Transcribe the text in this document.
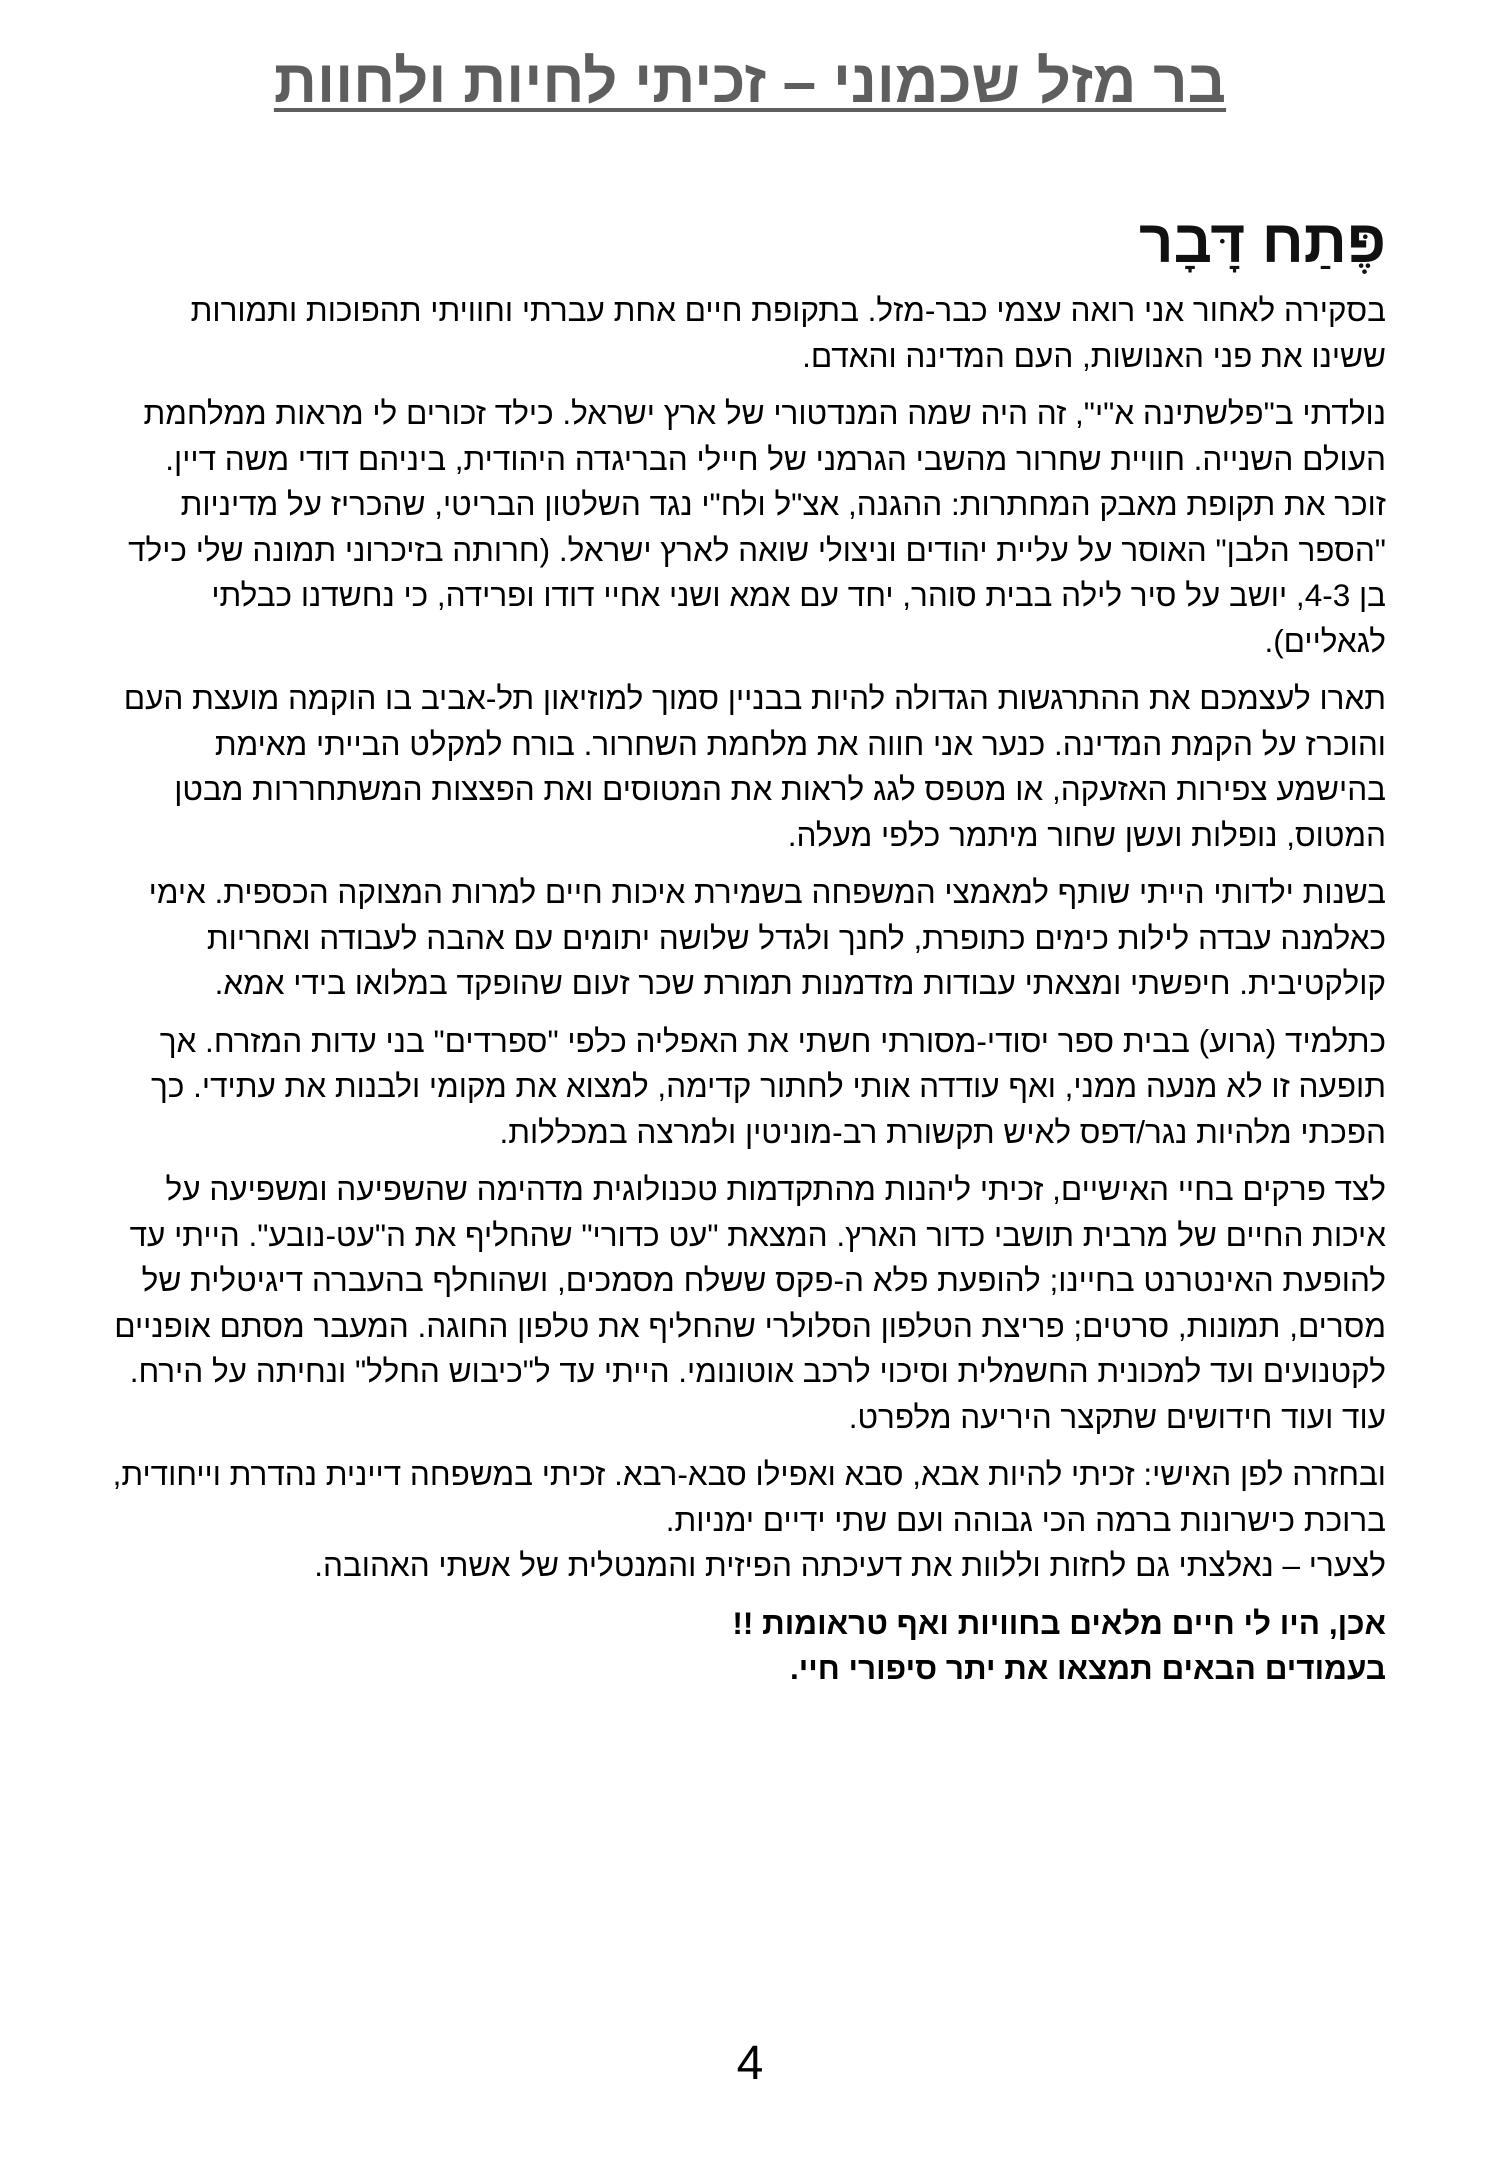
בר מזל שכמוני – זכיתי לחיות ולחוות
פֶּתַח דָּבָר

בסקירה לאחור אני רואה עצמי כבר-מזל. בתקופת חיים אחת עברתי וחוויתי תהפוכות ותמורות ששינו את פני האנושות, העם המדינה והאדם.

נולדתי ב"פלשתינה א"י", זה היה שמה המנדטורי של ארץ ישראל. כילד זכורים לי מראות ממלחמת העולם השנייה. חוויית שחרור מהשבי הגרמני של חיילי הבריגדה היהודית, ביניהם דודי משה דיין. זוכר את תקופת מאבק המחתרות: ההגנה, אצ"ל ולח"י נגד השלטון הבריטי, שהכריז על מדיניות "הספר הלבן" האוסר על עליית יהודים וניצולי שואה לארץ ישראל. (חרותה בזיכרוני תמונה שלי כילד בן 4-3, יושב על סיר לילה בבית סוהר, יחד עם אמא ושני אחיי דודו ופרידה, כי נחשדנו כבלתי לגאליים).

תארו לעצמכם את ההתרגשות הגדולה להיות בבניין סמוך למוזיאון תל-אביב בו הוקמה מועצת העם והוכרז על הקמת המדינה. כנער אני חווה את מלחמת השחרור. בורח למקלט הבייתי מאימת בהישמע צפירות האזעקה, או מטפס לגג לראות את המטוסים ואת הפצצות המשתחררות מבטן המטוס, נופלות ועשן שחור מיתמר כלפי מעלה.

בשנות ילדותי הייתי שותף למאמצי המשפחה בשמירת איכות חיים למרות המצוקה הכספית. אימי כאלמנה עבדה לילות כימים כתופרת, לחנך ולגדל שלושה יתומים עם אהבה לעבודה ואחריות קולקטיבית. חיפשתי ומצאתי עבודות מזדמנות תמורת שכר זעום שהופקד במלואו בידי אמא.

כתלמיד (גרוע) בבית ספר יסודי-מסורתי חשתי את האפליה כלפי "ספרדים" בני עדות המזרח. אך תופעה זו לא מנעה ממני, ואף עודדה אותי לחתור קדימה, למצוא את מקומי ולבנות את עתידי. כך הפכתי מלהיות נגר/דפס לאיש תקשורת רב-מוניטין ולמרצה במכללות.

לצד פרקים בחיי האישיים, זכיתי ליהנות מהתקדמות טכנולוגית מדהימה שהשפיעה ומשפיעה על איכות החיים של מרבית תושבי כדור הארץ. המצאת "עט כדורי" שהחליף את ה"עט-נובע". הייתי עד להופעת האינטרנט בחיינו; להופעת פלא ה-פקס ששלח מסמכים, ושהוחלף בהעברה דיגיטלית של מסרים, תמונות, סרטים; פריצת הטלפון הסלולרי שהחליף את טלפון החוגה. המעבר מסתם אופניים לקטנועים ועד למכונית החשמלית וסיכוי לרכב אוטונומי. הייתי עד ל"כיבוש החלל" ונחיתה על הירח. עוד ועוד חידושים שתקצר היריעה מלפרט.

ובחזרה לפן האישי: זכיתי להיות אבא, סבא ואפילו סבא-רבא. זכיתי במשפחה דיינית נהדרת וייחודית, ברוכת כישרונות ברמה הכי גבוהה ועם שתי ידיים ימניות.

לצערי – נאלצתי גם לחזות וללוות את דעיכתה הפיזית והמנטלית של אשתי האהובה.

אכן, היו לי חיים מלאים בחוויות ואף טראומות !!

בעמודים הבאים תמצאו את יתר סיפורי חיי.

4
